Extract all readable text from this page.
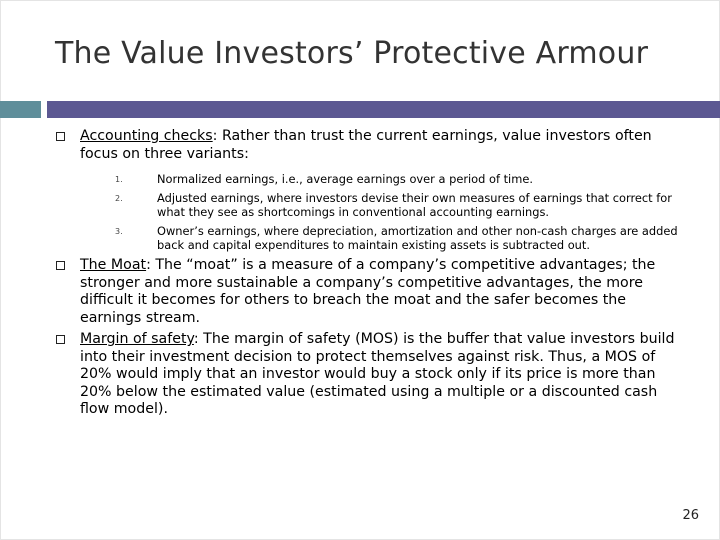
The Value Investors’ Protective Armour
Accounting checks: Rather than trust the current earnings, value investors often focus on three variants:
1.	Normalized earnings, i.e., average earnings over a period of time.
2.	Adjusted earnings, where investors devise their own measures of earnings that correct for what they see as shortcomings in conventional accounting earnings.
3.	Owner’s earnings, where depreciation, amortization and other non-cash charges are added back and capital expenditures to maintain existing assets is subtracted out.
The Moat: The “moat” is a measure of a company’s competitive advantages; the stronger and more sustainable a company’s competitive advantages, the more difficult it becomes for others to breach the moat and the safer becomes the earnings stream.
Margin of safety: The margin of safety (MOS) is the buffer that value investors build into their investment decision to protect themselves against risk. Thus, a MOS of 20% would imply that an investor would buy a stock only if its price is more than 20% below the estimated value (estimated using a multiple or a discounted cash flow model).
26
